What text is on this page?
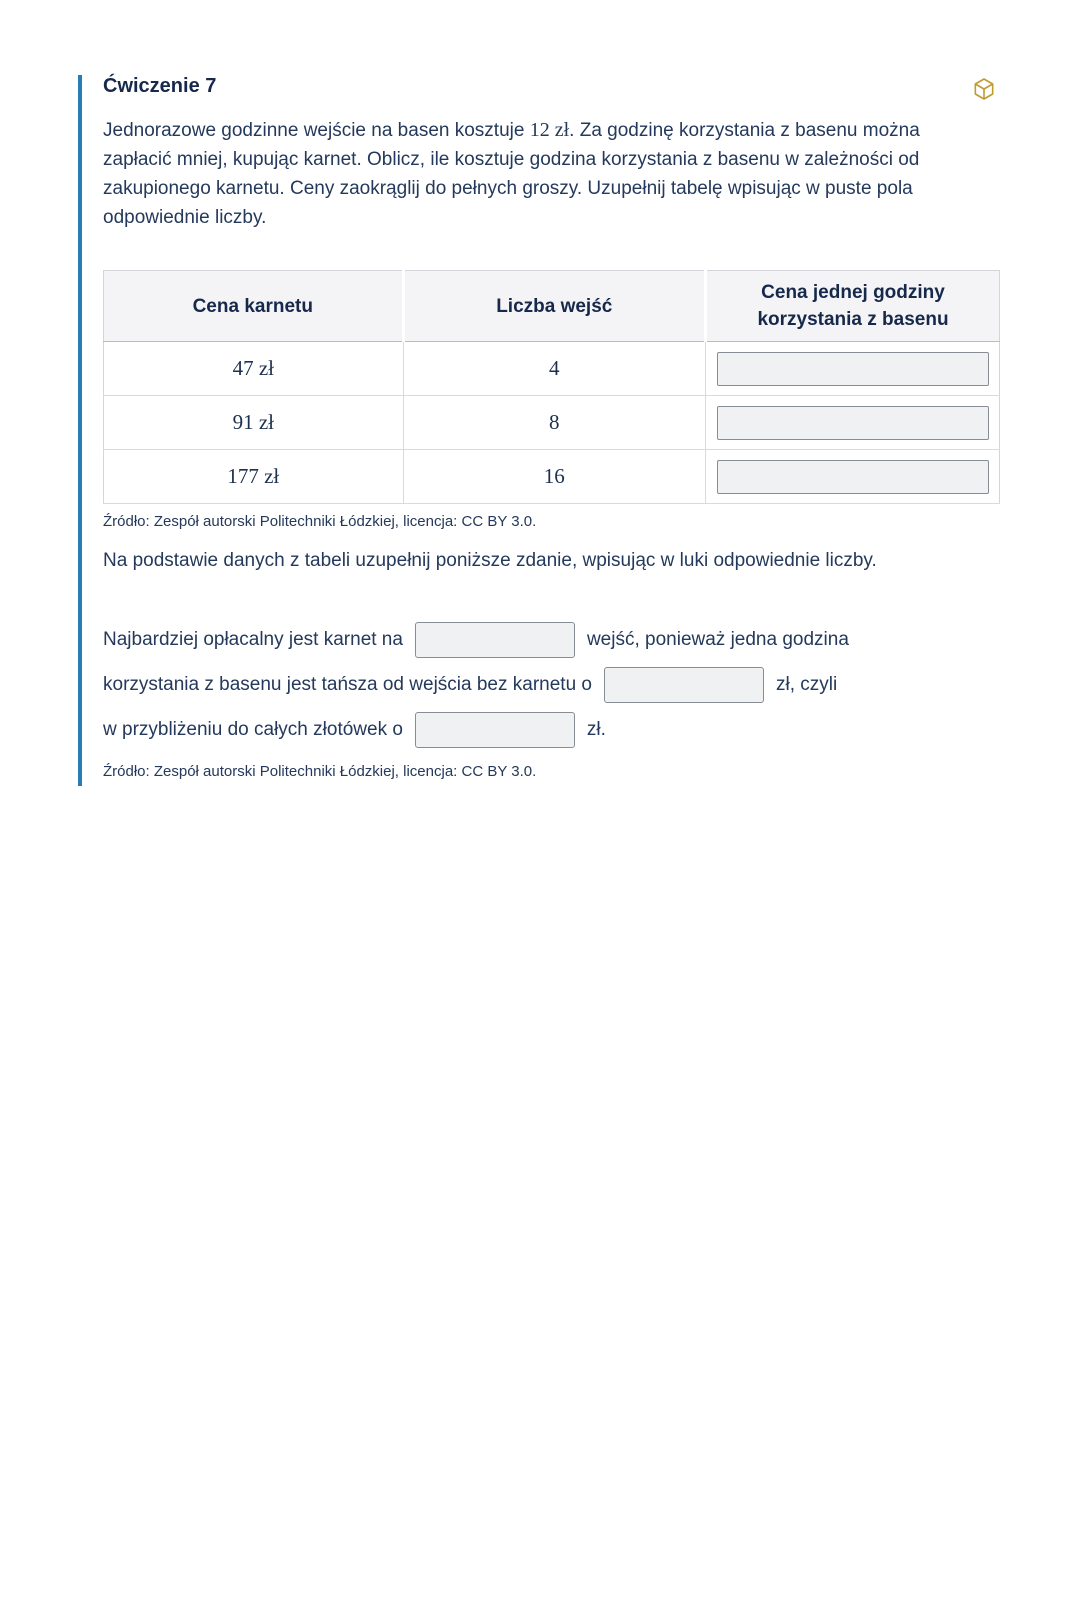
Ćwiczenie 7

Jednorazowe godzinne wejście na basen kosztuje 12 zł. Za godzinę korzystania z basenu można zapłacić mniej, kupując karnet. Oblicz, ile kosztuje godzina korzystania z basenu w zależności od zakupionego karnetu. Ceny zaokrąglij do pełnych groszy. Uzupełnij tabelę wpisując w puste pola odpowiednie liczby.

Cena karnetu	Liczba wejść	Cena jednej godziny korzystania z basenu
47 zł	4	
91 zł	8	
177 zł	16	
Źródło: Zespół autorski Politechniki Łódzkiej, licencja: CC BY 3.0.
Na podstawie danych z tabeli uzupełnij poniższe zdanie, wpisując w luki odpowiednie liczby.
Najbardziej opłacalny jest karnet na	wejść, ponieważ jedna godzina
korzystania z basenu jest tańsza od wejścia bez karnetu o	zł, czyli
w przybliżeniu do całych złotówek o	zł.
Źródło: Zespół autorski Politechniki Łódzkiej, licencja: CC BY 3.0.
